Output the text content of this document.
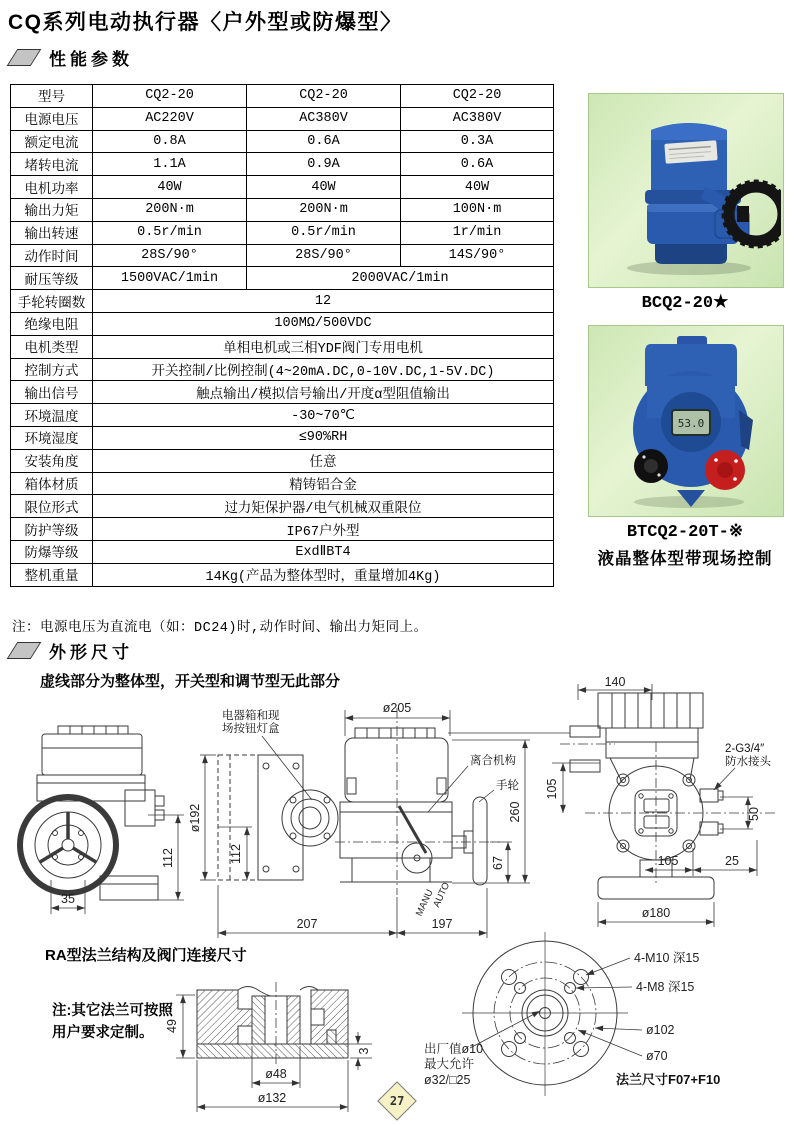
CQ系列电动执行器〈户外型或防爆型〉
性能参数
型号	CQ2-20	CQ2-20	CQ2-20
电源电压	AC220V	AC380V	AC380V
额定电流	0.8A	0.6A	0.3A
堵转电流	1.1A	0.9A	0.6A
电机功率	40W	40W	40W
输出力矩	200N·m	200N·m	100N·m
输出转速	0.5r/min	0.5r/min	1r/min
动作时间	28S/90°	28S/90°	14S/90°
耐压等级	1500VAC/1min	2000VAC/1min	
手轮转圈数	12		
绝缘电阻	100MΩ/500VDC		
电机类型	单相电机或三相YDF阀门专用电机		
控制方式	开关控制/比例控制(4~20mA.DC,0-10V.DC,1-5V.DC)		
输出信号	触点输出/模拟信号输出/开度α型阻值输出		
环境温度	-30~70℃		
环境湿度	≤90%RH		
安装角度	任意		
箱体材质	精铸铝合金		
限位形式	过力矩保护器/电气机械双重限位		
防护等级	IP67户外型		
防爆等级	ExdⅡBT4		
整机重量	14Kg(产品为整体型时，重量增加4Kg)		
注：电源电压为直流电（如：DC24)时,动作时间、输出力矩同上。
BCQ2-20★
53.0
BTCQ2-20T-※
液晶整体型带现场控制
外形尺寸
虚线部分为整体型，开关型和调节型无此部分
RA型法兰结构及阀门连接尺寸
注:其它法兰可按照
用户要求定制。
112
35
电器箱和现
场按钮灯盒
ø205
ø192
112
离合机构
手轮
260
67
207	197
MANU
AUTO
140
105
2-G3/4″
防水接头
50
105	25
ø180
49
3
ø48
ø132
4-M10 深15
4-M8 深15
ø102
ø70
出厂值ø10
最大允许
ø32/□25	法兰尺寸F07+F10
27
